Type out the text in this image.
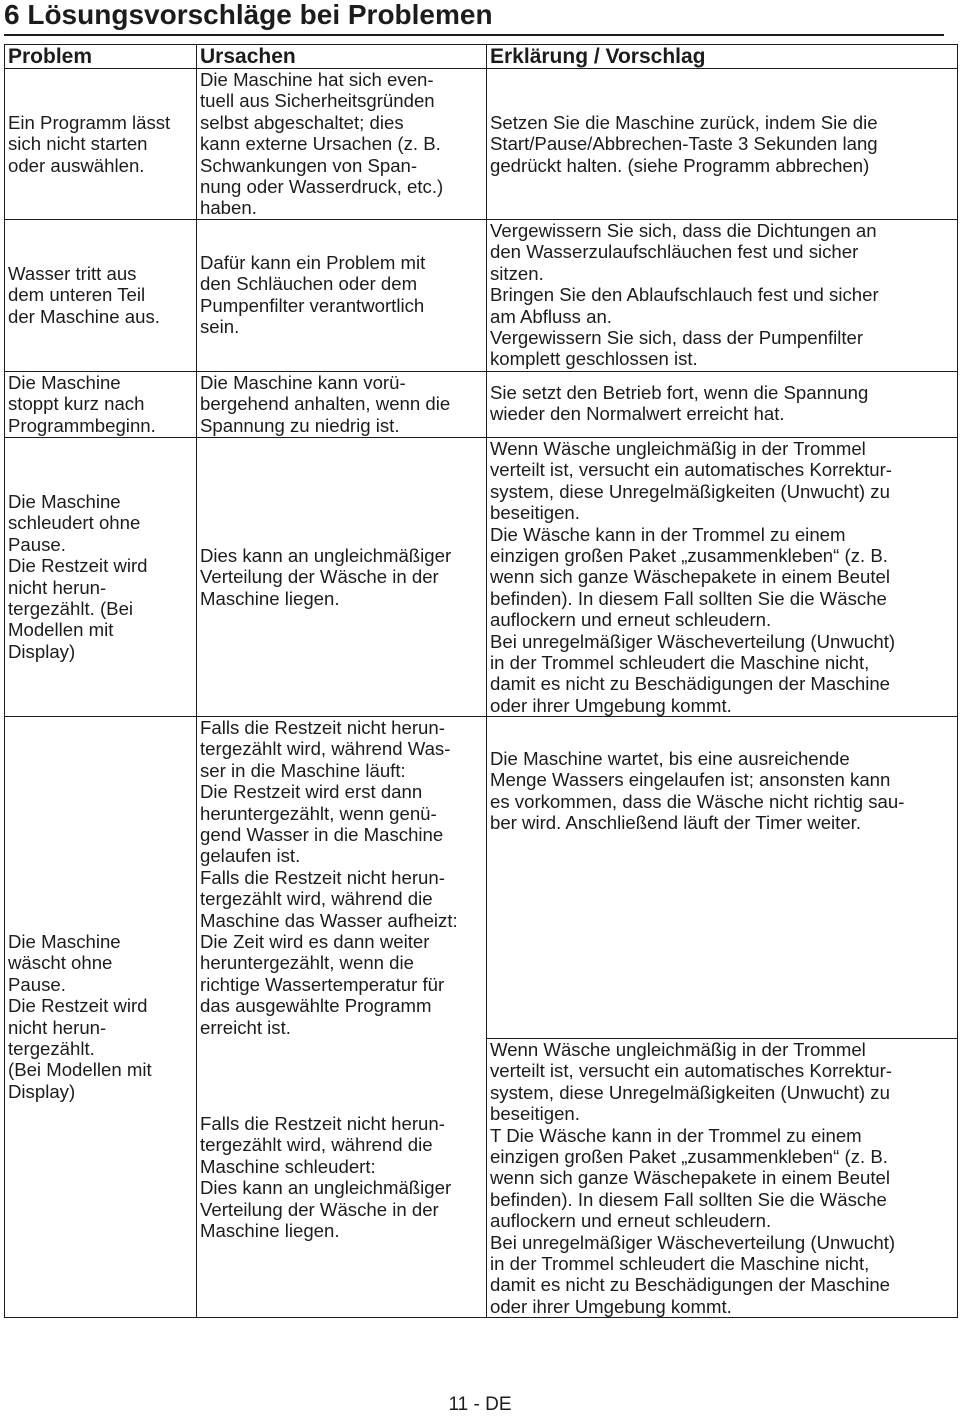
6 Lösungsvorschläge bei Problemen
Problem	Ursachen	Erklärung / Vorschlag
Ein Programm lässt
sich nicht starten
oder auswählen.
Die Maschine hat sich even-
tuell aus Sicherheitsgründen
selbst abgeschaltet; dies
kann externe Ursachen (z. B.
Schwankungen von Span-
nung oder Wasserdruck, etc.)
haben.
Setzen Sie die Maschine zurück, indem Sie die
Start/Pause/Abbrechen-Taste 3 Sekunden lang
gedrückt halten. (siehe Programm abbrechen)
Wasser tritt aus
dem unteren Teil
der Maschine aus.
Dafür kann ein Problem mit
den Schläuchen oder dem
Pumpenfilter verantwortlich
sein.
Vergewissern Sie sich, dass die Dichtungen an
den Wasserzulaufschläuchen fest und sicher
sitzen.
Bringen Sie den Ablaufschlauch fest und sicher
am Abfluss an.
Vergewissern Sie sich, dass der Pumpenfilter
komplett geschlossen ist.
Die Maschine
stoppt kurz nach
Programmbeginn.
Die Maschine kann vorü-
bergehend anhalten, wenn die
Spannung zu niedrig ist.
Sie setzt den Betrieb fort, wenn die Spannung
wieder den Normalwert erreicht hat.
Die Maschine
schleudert ohne
Pause.
Die Restzeit wird
nicht herun-
tergezählt. (Bei
Modellen mit
Display)
Dies kann an ungleichmäßiger
Verteilung der Wäsche in der
Maschine liegen.
Wenn Wäsche ungleichmäßig in der Trommel
verteilt ist, versucht ein automatisches Korrektur-
system, diese Unregelmäßigkeiten (Unwucht) zu
beseitigen.
Die Wäsche kann in der Trommel zu einem
einzigen großen Paket „zusammenkleben“ (z. B.
wenn sich ganze Wäschepakete in einem Beutel
befinden). In diesem Fall sollten Sie die Wäsche
auflockern und erneut schleudern.
Bei unregelmäßiger Wäscheverteilung (Unwucht)
in der Trommel schleudert die Maschine nicht,
damit es nicht zu Beschädigungen der Maschine
oder ihrer Umgebung kommt.
Die Maschine
wäscht ohne
Pause.
Die Restzeit wird
nicht herun-
tergezählt.
(Bei Modellen mit
Display)
Falls die Restzeit nicht herun-
tergezählt wird, während Was-
ser in die Maschine läuft:
Die Restzeit wird erst dann
heruntergezählt, wenn genü-
gend Wasser in die Maschine
gelaufen ist.
Falls die Restzeit nicht herun-
tergezählt wird, während die
Maschine das Wasser aufheizt:
Die Zeit wird es dann weiter
heruntergezählt, wenn die
richtige Wassertemperatur für
das ausgewählte Programm
erreicht ist.
Die Maschine wartet, bis eine ausreichende
Menge Wassers eingelaufen ist; ansonsten kann
es vorkommen, dass die Wäsche nicht richtig sau-
ber wird. Anschließend läuft der Timer weiter.
Falls die Restzeit nicht herun-
tergezählt wird, während die
Maschine schleudert:
Dies kann an ungleichmäßiger
Verteilung der Wäsche in der
Maschine liegen.
Wenn Wäsche ungleichmäßig in der Trommel
verteilt ist, versucht ein automatisches Korrektur-
system, diese Unregelmäßigkeiten (Unwucht) zu
beseitigen.
T Die Wäsche kann in der Trommel zu einem
einzigen großen Paket „zusammenkleben“ (z. B.
wenn sich ganze Wäschepakete in einem Beutel
befinden). In diesem Fall sollten Sie die Wäsche
auflockern und erneut schleudern.
Bei unregelmäßiger Wäscheverteilung (Unwucht)
in der Trommel schleudert die Maschine nicht,
damit es nicht zu Beschädigungen der Maschine
oder ihrer Umgebung kommt.
11 - DE
